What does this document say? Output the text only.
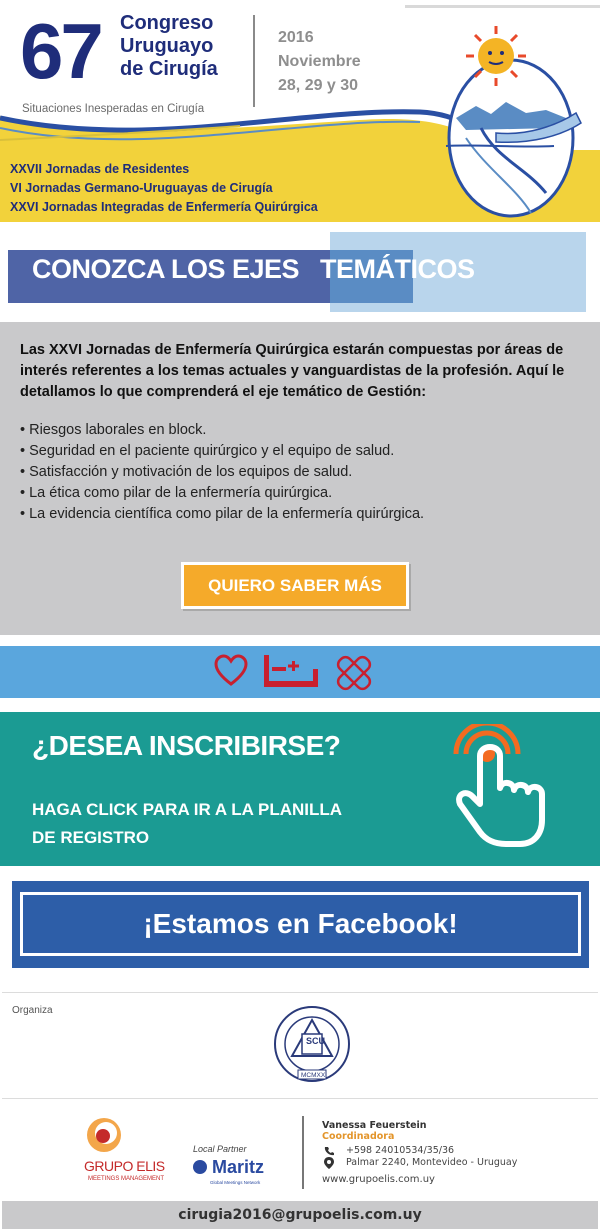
67 Congreso
Uruguayo
de Cirugía
2016
Noviembre
28, 29 y 30
Situaciones Inesperadas en Cirugía
XXVII Jornadas de Residentes
VI Jornadas Germano-Uruguayas de Cirugía
XXVI Jornadas Integradas de Enfermería Quirúrgica
CONOZCA LOS EJES   TEMÁTICOS
Las XXVI Jornadas de Enfermería Quirúrgica estarán compuestas por áreas de interés referentes a los temas actuales y vanguardistas de la profesión. Aquí le detallamos lo que comprenderá el eje temático de Gestión:
• Riesgos laborales en block.
• Seguridad en el paciente quirúrgico y el equipo de salud.
• Satisfacción y motivación de los equipos de salud.
• La ética como pilar de la enfermería quirúrgica.
• La evidencia científica como pilar de la enfermería quirúrgica.
QUIERO SABER MÁS
¿DESEA INSCRIBIRSE?
HAGA CLICK PARA IR A LA PLANILLA
DE REGISTRO
¡Estamos en Facebook!
Organiza
SCU
MCMXX
GRUPO ELIS
MEETINGS MANAGEMENT
Local Partner
Maritz
Global Meetings Network
Vanessa Feuerstein
Coordinadora
+598 24010534/35/36
Palmar 2240, Montevideo - Uruguay
www.grupoelis.com.uy
cirugia2016@grupoelis.com.uy
